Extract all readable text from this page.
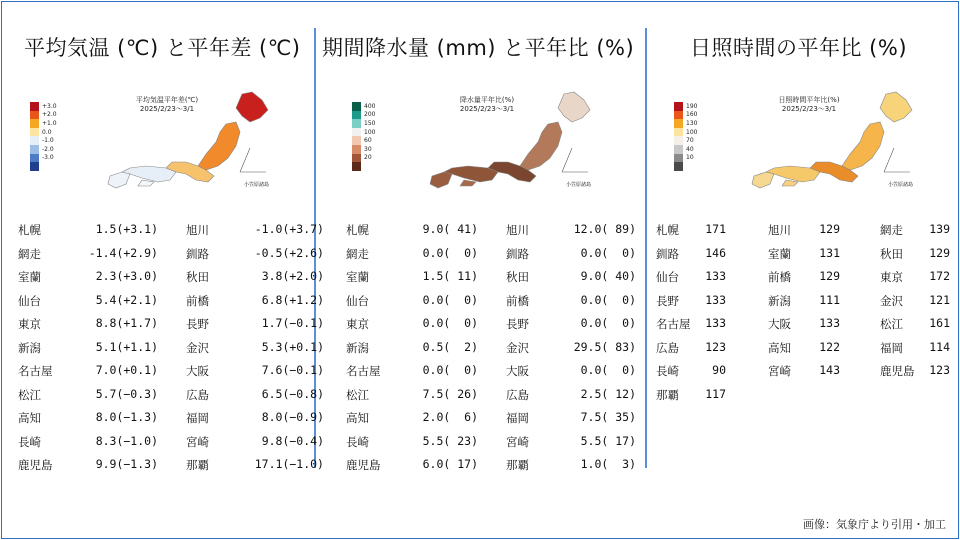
平均気温 (℃) と平年差 (℃) 期間降水量 (mm) と平年比 (%)	日照時間の平年比 (%)
小笠原諸島
平均気温平年差(℃)
2025/2/23～3/1
+3.0
+2.0
+1.0
0.0
-1.0
-2.0
-3.0
小笠原諸島
降水量平年比(%)
2025/2/23～3/1
400
200
150
100
60
30
20
小笠原諸島
日照時間平年比(%)
2025/2/23～3/1
190
160
130
100
70
40
10
札幌	1.5(+3.1) 旭川	-1.0(+3.7)
網走	-1.4(+2.9) 釧路	-0.5(+2.6)
室蘭	2.3(+3.0) 秋田	3.8(+2.0)
仙台	5.4(+2.1) 前橋	6.8(+1.2)
東京	8.8(+1.7) 長野	1.7(−0.1)
新潟	5.1(+1.1) 金沢	5.3(+0.1)
名古屋	7.0(+0.1) 大阪	7.6(−0.1)
松江	5.7(−0.3) 広島	6.5(−0.8)
高知	8.0(−1.3) 福岡	8.0(−0.9)
長崎	8.3(−1.0) 宮崎	9.8(−0.4)
鹿児島	9.9(−1.3) 那覇	17.1(−1.0)
札幌	9.0( 41) 旭川	12.0( 89)
網走	0.0(  0) 釧路	0.0(  0)
室蘭	1.5( 11) 秋田	9.0( 40)
仙台	0.0(  0) 前橋	0.0(  0)
東京	0.0(  0) 長野	0.0(  0)
新潟	0.5(  2) 金沢	29.5( 83)
名古屋	0.0(  0) 大阪	0.0(  0)
松江	7.5( 26) 広島	2.5( 12)
高知	2.0(  6) 福岡	7.5( 35)
長崎	5.5( 23) 宮崎	5.5( 17)
鹿児島	6.0( 17) 那覇	1.0(  3)
札幌	171	旭川	129	網走	139
釧路	146	室蘭	131	秋田	129
仙台	133	前橋	129	東京	172
長野	133	新潟	111	金沢	121
名古屋	133	大阪	133	松江	161
広島	123	高知	122	福岡	114
長崎	90	宮崎	143	鹿児島	123
那覇	117
画像：気象庁より引用・加工
